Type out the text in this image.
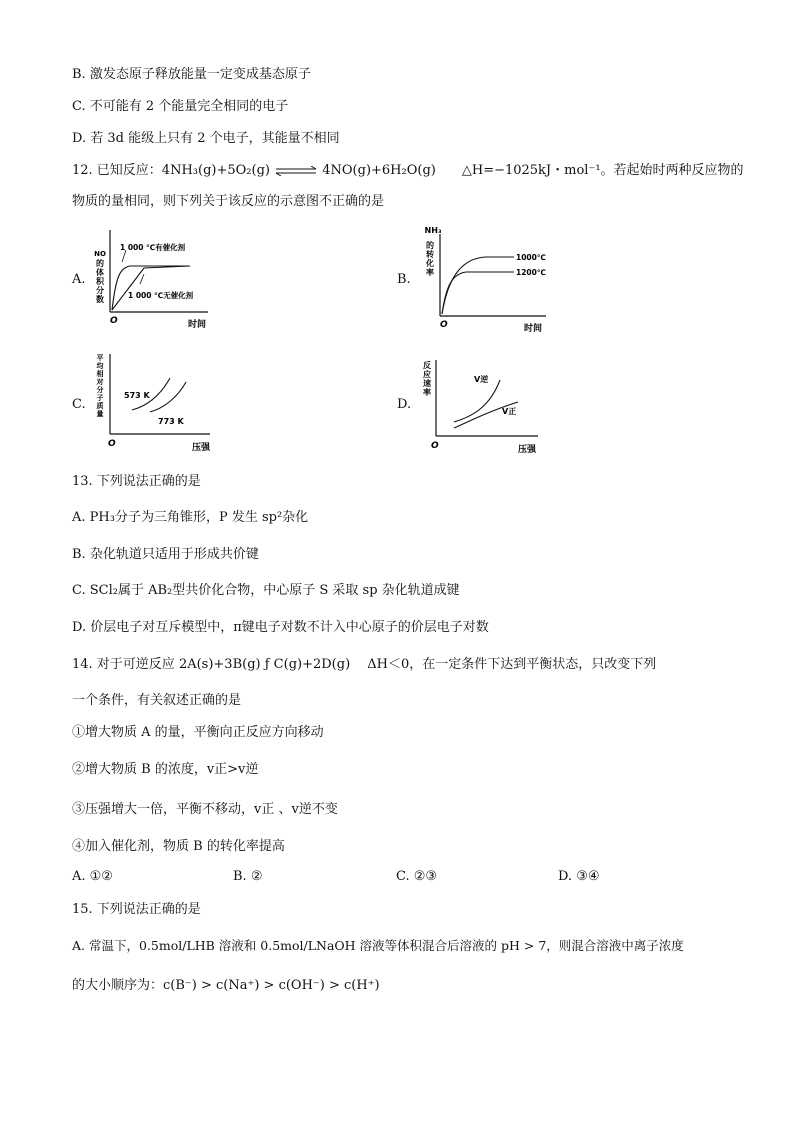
B. 激发态原子释放能量一定变成基态原子
C. 不可能有 2 个能量完全相同的电子
D. 若 3d 能级上只有 2 个电子，其能量不相同
12. 已知反应：4NH₃(g)+5O₂(g) ⇌ 4NO(g)+6H₂O(g)　　△H=−1025kJ・mol⁻¹。若起始时两种反应物的
物质的量相同，则下列关于该反应的示意图不正确的是
A.	B.
C.	D.
NO
的
体
积
分
数
O	时间
1 000 ℃有催化剂
1 000 ℃无催化剂
NH₃
的
转
化
率
O	时间
1000℃
1200℃
平
均
相
对
分
子
质
量
O	压强
573 K
773 K
反
应
速
率
O	压强
V逆
V正
13. 下列说法正确的是
A. PH₃分子为三角锥形，P 发生 sp²杂化
B. 杂化轨道只适用于形成共价键
C. SCl₂属于 AB₂型共价化合物，中心原子 S 采取 sp 杂化轨道成键
D. 价层电子对互斥模型中，π键电子对数不计入中心原子的价层电子对数
14. 对于可逆反应 2A(s)+3B(g) ƒ C(g)+2D(g)　 ΔH＜0，在一定条件下达到平衡状态，只改变下列
一个条件，有关叙述正确的是
①增大物质 A 的量，平衡向正反应方向移动
②增大物质 B 的浓度，v正>v逆
③压强增大一倍，平衡不移动，v正 、v逆不变
④加入催化剂，物质 B 的转化率提高
A. ①②	B. ②	C. ②③	D. ③④
15. 下列说法正确的是
A. 常温下，0.5mol/LHB 溶液和 0.5mol/LNaOH 溶液等体积混合后溶液的 pH > 7，则混合溶液中离子浓度
的大小顺序为：c(B⁻) > c(Na⁺) > c(OH⁻) > c(H⁺)
